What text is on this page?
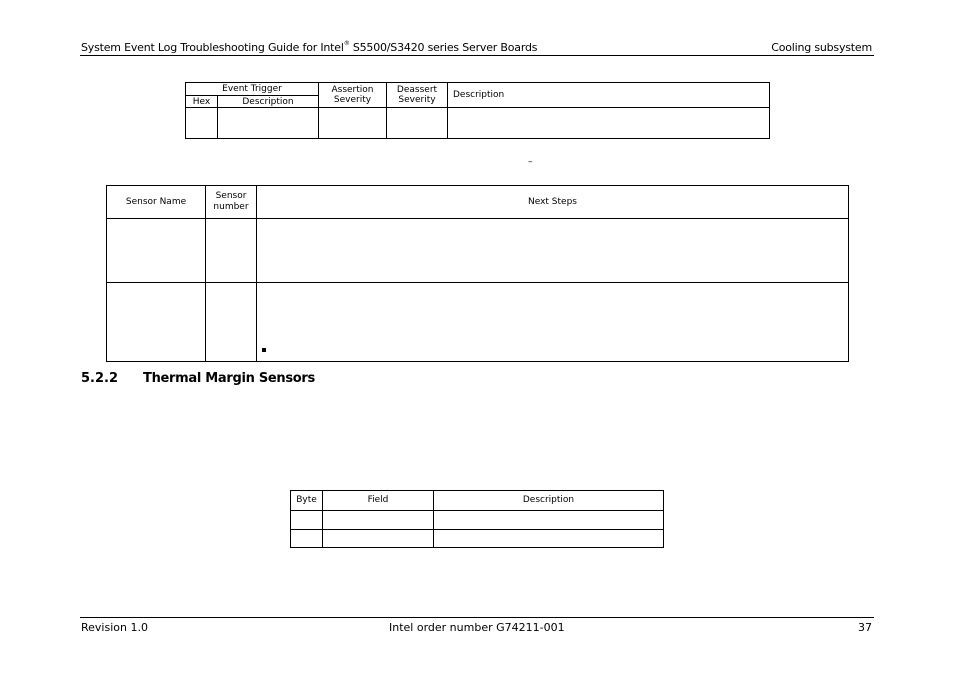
System Event Log Troubleshooting Guide for Intel® S5500/S3420 series Server Boards	Cooling subsystem
Event Trigger		Assertion Severity	Deassert Severity	Description
Hex	Description			

–
Sensor Name	Sensor number	Next Steps

5.2.2 Thermal Margin Sensors
Byte	Field	Description

Revision 1.0	Intel order number G74211-001	37
